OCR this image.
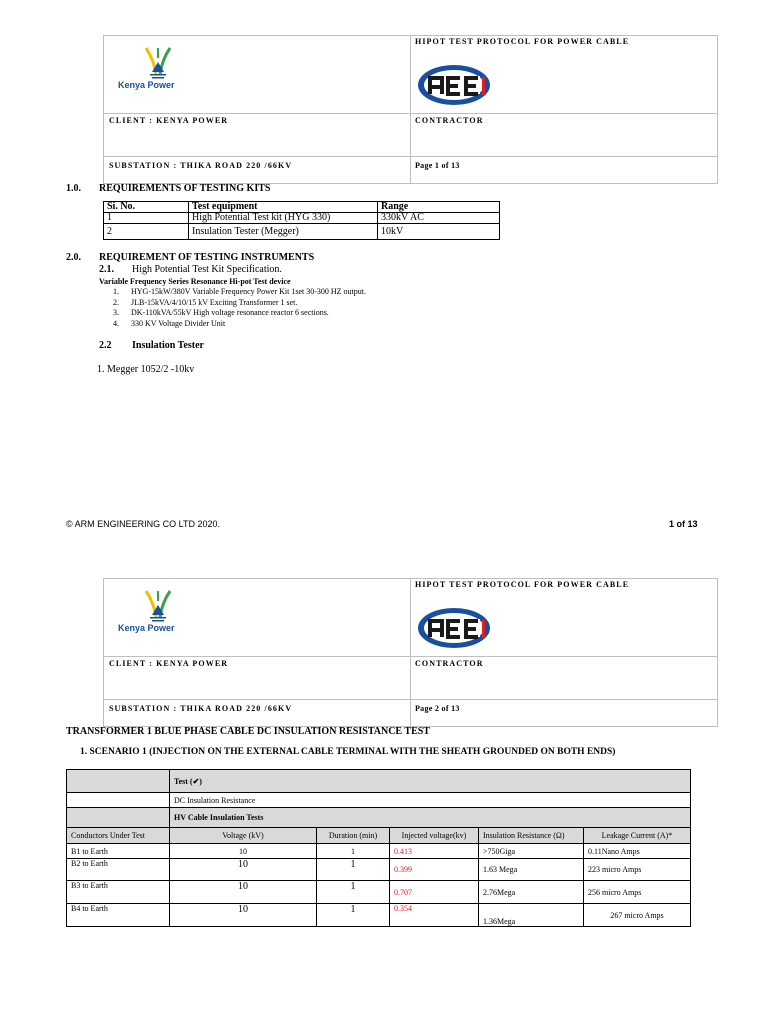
Kenya Power
HIPOT TEST PROTOCOL FOR POWER CABLE
CLIENT : KENYA POWER	CONTRACTOR
SUBSTATION : THIKA ROAD 220 /66KV	Page 1 of 13
1.0. REQUIREMENTS OF TESTING KITS
Si. No.	Test equipment	Range
1	High Potential Test kit (HYG 330)	330kV AC
2	Insulation Tester (Megger)	10kV
2.0. REQUIREMENT OF TESTING INSTRUMENTS
2.1. High Potential Test Kit Specification.
Variable Frequency Series Resonance Hi-pot Test device
1. HYG-15kW/380V Variable Frequency Power Kit 1set 30-300 HZ output.
2. JLB-15kVA/4/10/15 kV Exciting Transformer 1 set.
3. DK-110kVA/55kV High voltage resonance reactor 6 sections.
4. 330 KV Voltage Divider Unit
2.2 Insulation Tester
1. Megger 1052/2 -10kv
© ARM ENGINEERING CO LTD 2020.	1 of 13
Kenya Power
HIPOT TEST PROTOCOL FOR POWER CABLE
CLIENT : KENYA POWER	CONTRACTOR
SUBSTATION : THIKA ROAD 220 /66KV	Page 2 of 13
TRANSFORMER 1 BLUE PHASE CABLE DC INSULATION RESISTANCE TEST
1. SCENARIO 1 (INJECTION ON THE EXTERNAL CABLE TERMINAL WITH THE SHEATH GROUNDED ON BOTH ENDS)
	Test (✔)				
	DC Insulation Resistance				
	HV Cable Insulation Tests				
Conductors Under Test	Voltage (kV)	Duration (min)	Injected voltage(kv)	Insulation Resistance (Ω)	Leakage Current (A)*
B1 to Earth	10	1	0.413	>750Giga	0.11Nano Amps
B2 to Earth	10	1	0.399	1.63 Mega	223 micro Amps
B3 to Earth	10	1	0.707	2.76Mega	256 micro Amps
B4 to Earth	10	1	0.354	1.36Mega	267 micro Amps
